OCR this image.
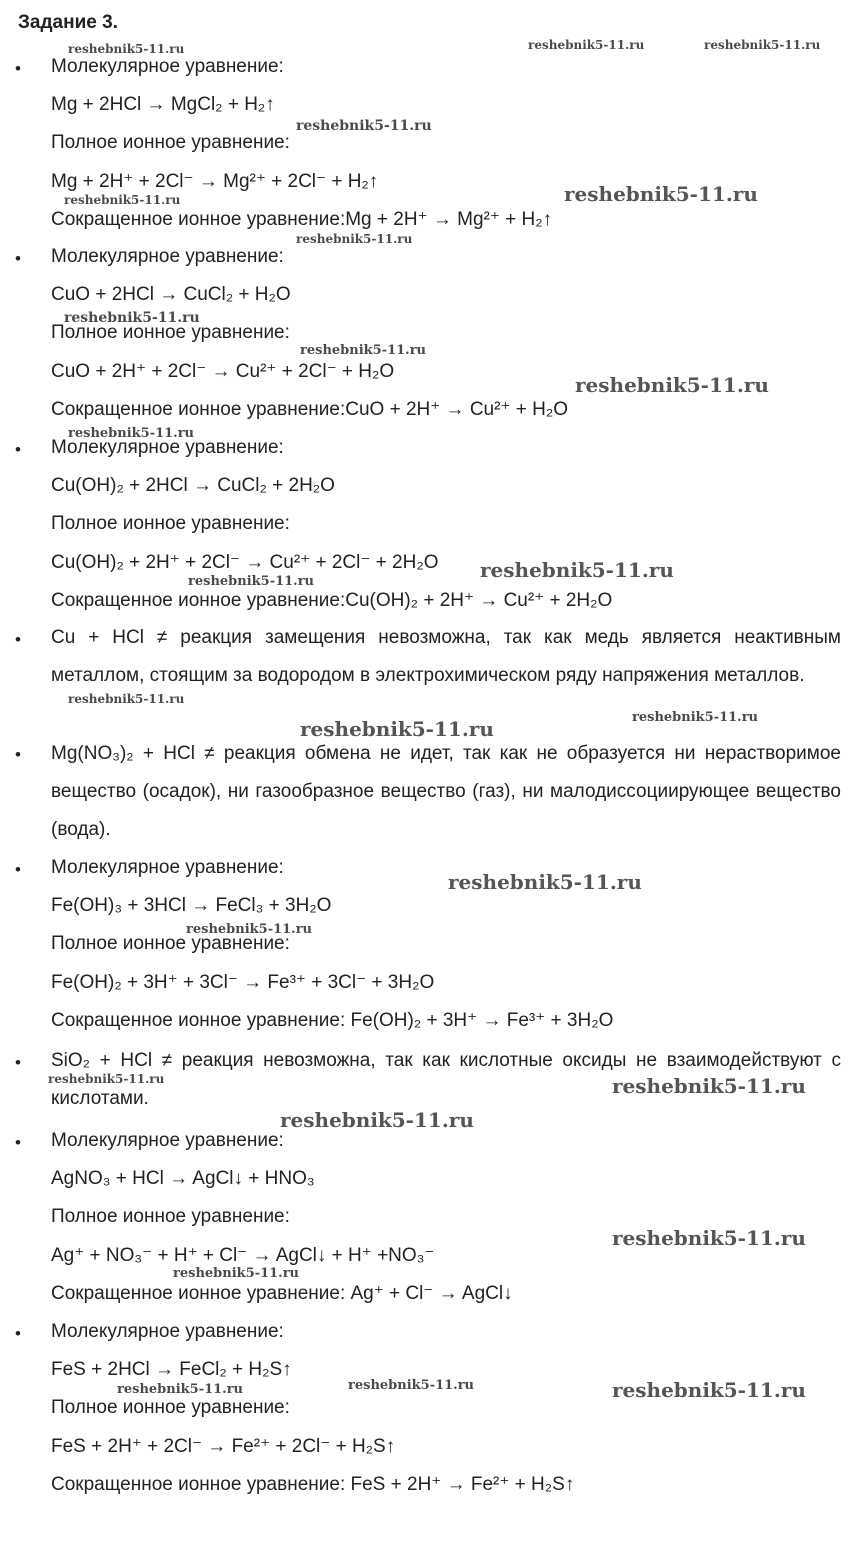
Задание 3.
•
•
•
•
•
•
•
•
•
Молекулярное уравнение:
Mg + 2HCl → MgCl₂ + H₂↑
Полное ионное уравнение:
Mg + 2H⁺ + 2Cl⁻ → Mg²⁺ + 2Cl⁻ + H₂↑
Сокращенное ионное уравнение:Mg + 2H⁺ → Mg²⁺ + H₂↑
Молекулярное уравнение:
CuO + 2HCl → CuCl₂ + H₂O
Полное ионное уравнение:
CuO + 2H⁺ + 2Cl⁻ → Cu²⁺ + 2Cl⁻ + H₂O
Сокращенное ионное уравнение:CuO + 2H⁺ → Cu²⁺ + H₂O
Молекулярное уравнение:
Cu(OH)₂ + 2HCl → CuCl₂ + 2H₂O
Полное ионное уравнение:
Cu(OH)₂ + 2H⁺ + 2Cl⁻ → Cu²⁺ + 2Cl⁻ + 2H₂O
Сокращенное ионное уравнение:Cu(OH)₂ + 2H⁺ → Cu²⁺ + 2H₂O
Cu + HCl ≠ реакция замещения невозможна, так как медь является неактивным металлом, стоящим за водородом в электрохимическом ряду напряжения металлов.
Mg(NO₃)₂ + HCl ≠ реакция обмена не идет, так как не образуется ни нерастворимое вещество (осадок), ни газообразное вещество (газ), ни малодиссоциирующее вещество (вода).
Молекулярное уравнение:
Fe(OH)₃ + 3HCl → FeCl₃ + 3H₂O
Полное ионное уравнение:
Fe(OH)₂ + 3H⁺ + 3Cl⁻ → Fe³⁺ + 3Cl⁻ + 3H₂O
Сокращенное ионное уравнение: Fe(OH)₂ + 3H⁺ → Fe³⁺ + 3H₂O
SiO₂ + HCl ≠ реакция невозможна, так как кислотные оксиды не взаимодействуют с кислотами.
Молекулярное уравнение:
AgNO₃ + HCl → AgCl↓ + HNO₃
Полное ионное уравнение:
Ag⁺ + NO₃⁻ + H⁺ + Cl⁻ → AgCl↓ + H⁺ +NO₃⁻
Сокращенное ионное уравнение: Ag⁺ + Cl⁻ → AgCl↓
Молекулярное уравнение:
FeS + 2HCl → FeCl₂ + H₂S↑
Полное ионное уравнение:
FeS + 2H⁺ + 2Cl⁻ → Fe²⁺ + 2Cl⁻ + H₂S↑
Сокращенное ионное уравнение: FeS + 2H⁺ → Fe²⁺ + H₂S↑
reshebnik5-11.ru	reshebnik5-11.ru	reshebnik5-11.ru
reshebnik5-11.ru
reshebnik5-11.ru	reshebnik5-11.ru
reshebnik5-11.ru
reshebnik5-11.ru
reshebnik5-11.ru
reshebnik5-11.ru
reshebnik5-11.ru
reshebnik5-11.ru
reshebnik5-11.ru
reshebnik5-11.ru
reshebnik5-11.ru	reshebnik5-11.ru
reshebnik5-11.ru
reshebnik5-11.ru
reshebnik5-11.ru	reshebnik5-11.ru
reshebnik5-11.ru
reshebnik5-11.ru
reshebnik5-11.ru
reshebnik5-11.ru
reshebnik5-11.ru	reshebnik5-11.ru
